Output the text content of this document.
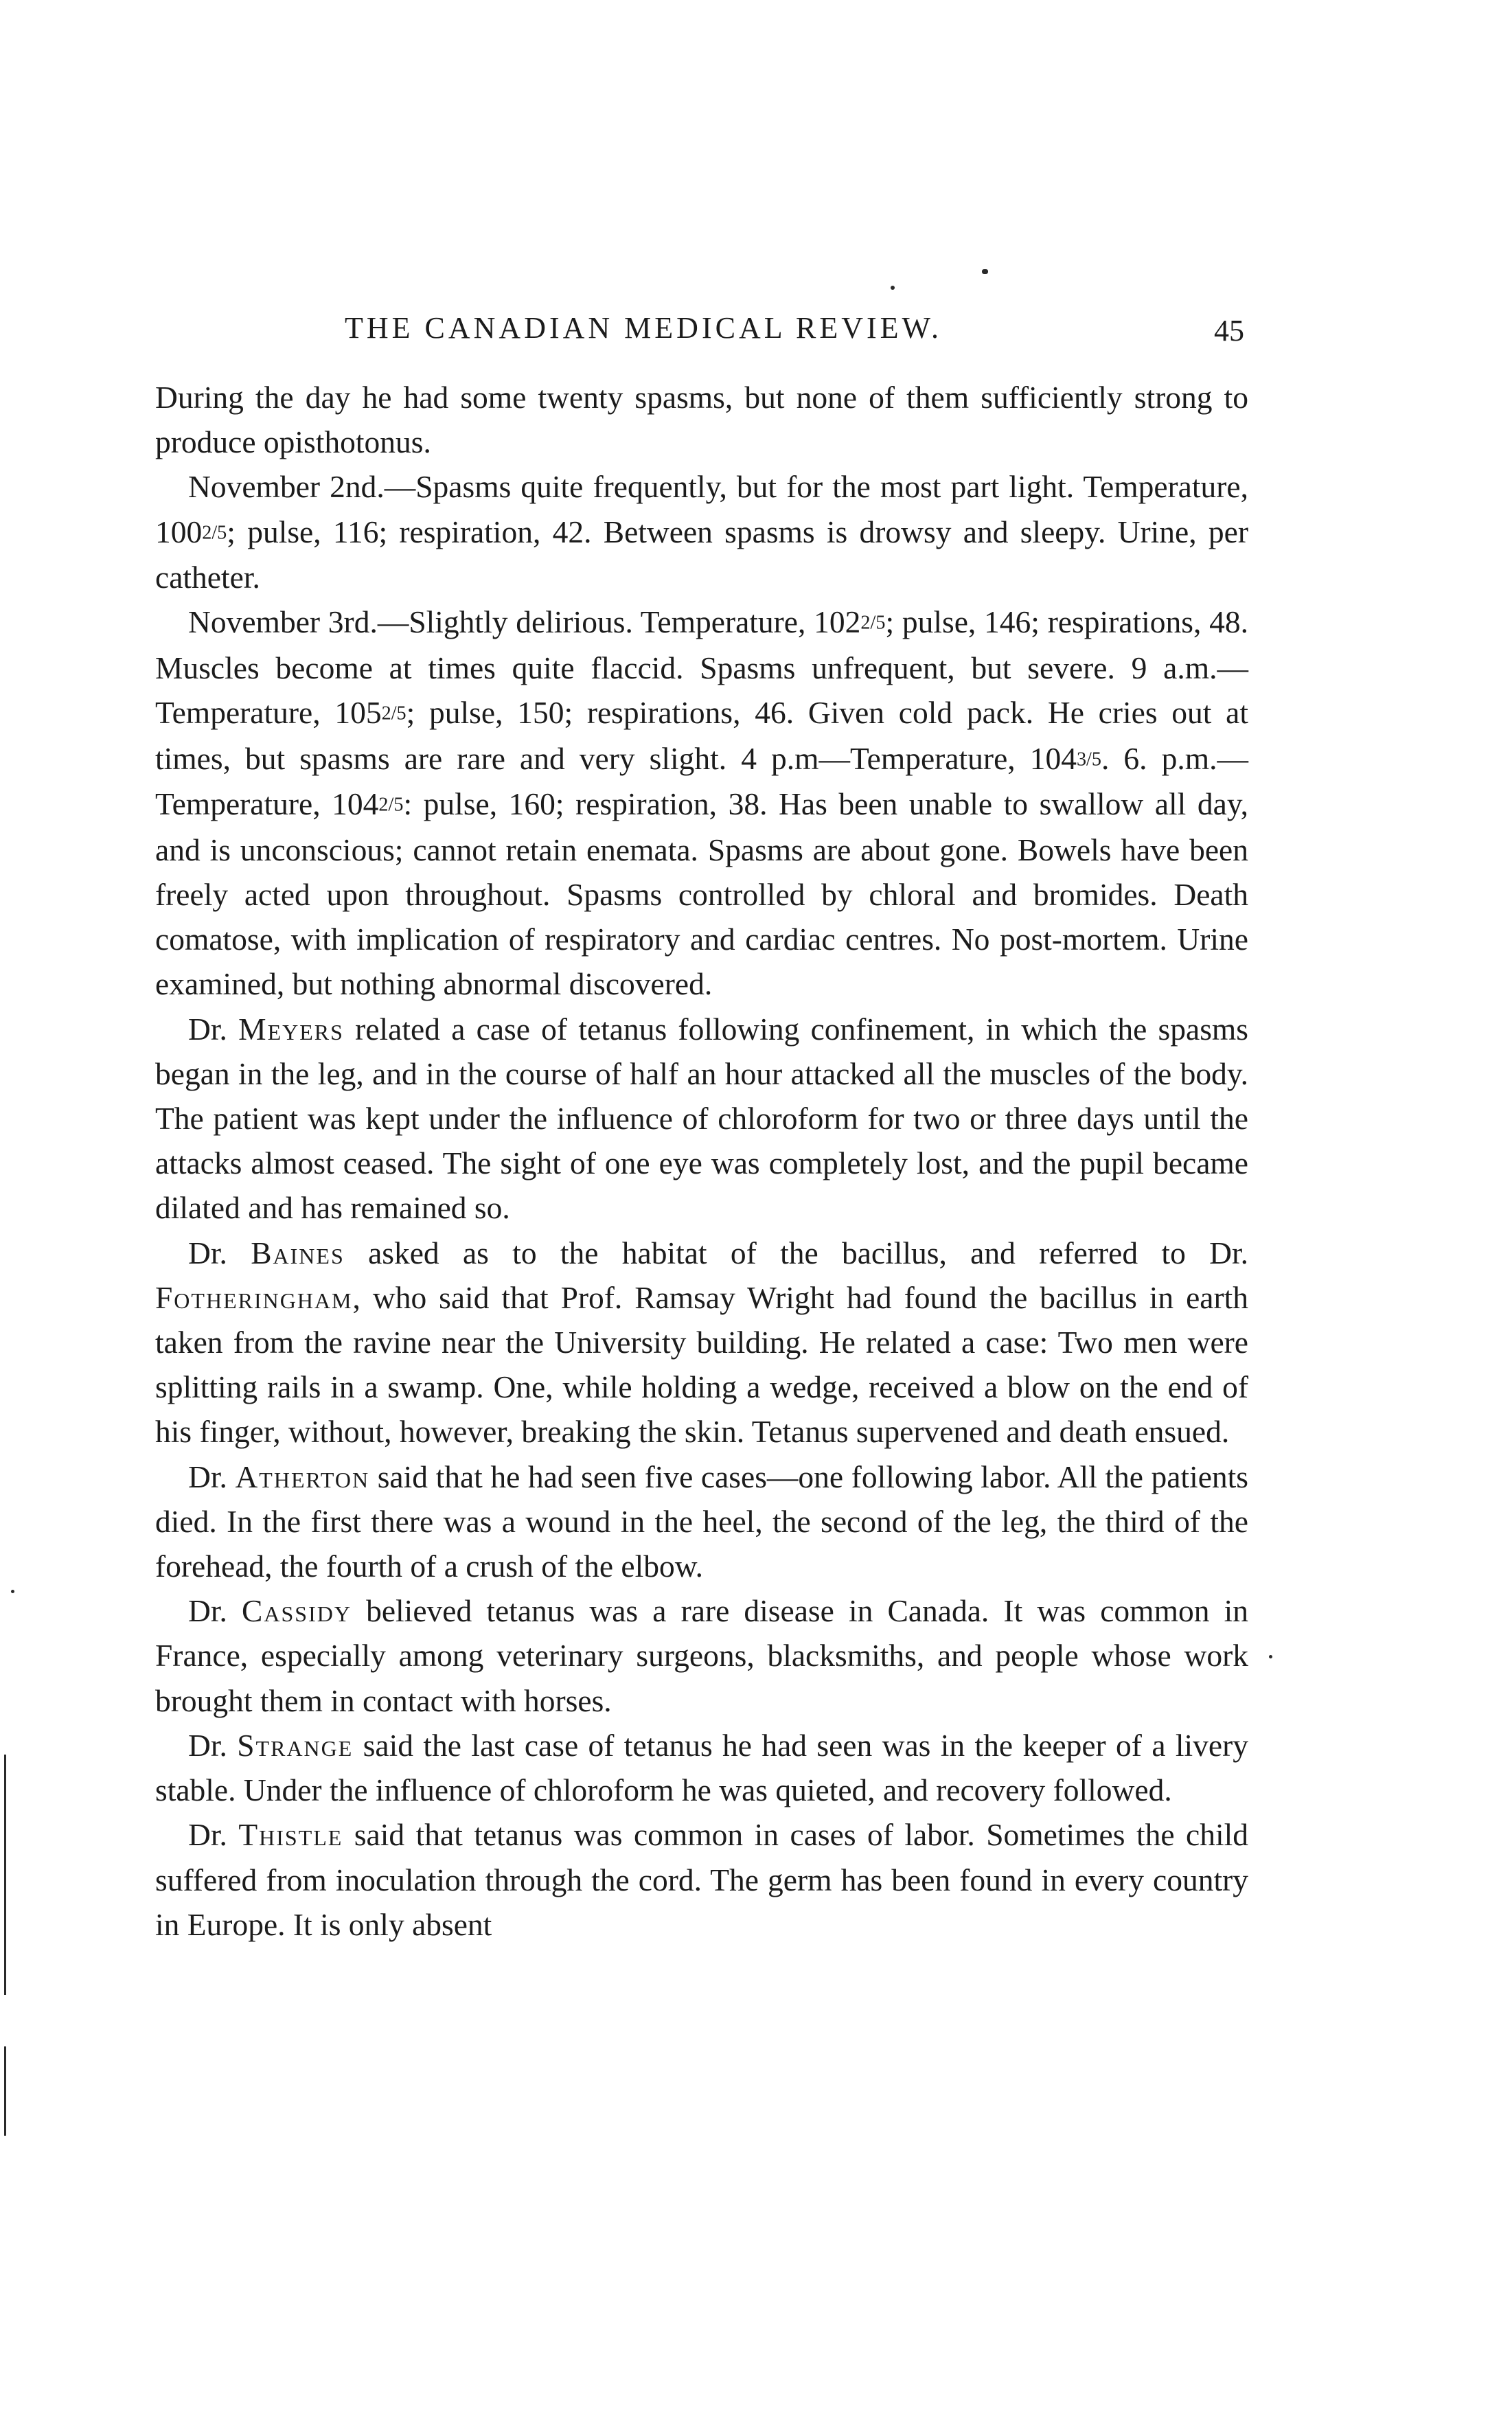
THE CANADIAN MEDICAL REVIEW.	45

During the day he had some twenty spasms, but none of them sufficiently strong to produce opisthotonus.

November 2nd.—Spasms quite frequently, but for the most part light. Temperature, 1002/5; pulse, 116; respiration, 42. Between spasms is drowsy and sleepy. Urine, per catheter.

November 3rd.—Slightly delirious. Temperature, 1022/5; pulse, 146; respirations, 48. Muscles become at times quite flaccid. Spasms unfrequent, but severe. 9 a.m.—Temperature, 1052/5; pulse, 150; respirations, 46. Given cold pack. He cries out at times, but spasms are rare and very slight. 4 p.m—Temperature, 1043/5. 6. p.m.—Temperature, 1042/5: pulse, 160; respiration, 38. Has been unable to swallow all day, and is unconscious; cannot retain enemata. Spasms are about gone. Bowels have been freely acted upon throughout. Spasms controlled by chloral and bromides. Death comatose, with implication of respiratory and cardiac centres. No post-mortem. Urine examined, but nothing abnormal discovered.

Dr. Meyers related a case of tetanus following confinement, in which the spasms began in the leg, and in the course of half an hour attacked all the muscles of the body. The patient was kept under the influence of chloroform for two or three days until the attacks almost ceased. The sight of one eye was completely lost, and the pupil became dilated and has remained so.

Dr. Baines asked as to the habitat of the bacillus, and referred to Dr. Fotheringham, who said that Prof. Ramsay Wright had found the bacillus in earth taken from the ravine near the University building. He related a case: Two men were splitting rails in a swamp. One, while holding a wedge, received a blow on the end of his finger, without, however, breaking the skin. Tetanus supervened and death ensued.

Dr. Atherton said that he had seen five cases—one following labor. All the patients died. In the first there was a wound in the heel, the second of the leg, the third of the forehead, the fourth of a crush of the elbow.

Dr. Cassidy believed tetanus was a rare disease in Canada. It was common in France, especially among veterinary surgeons, blacksmiths, and people whose work brought them in contact with horses.

Dr. Strange said the last case of tetanus he had seen was in the keeper of a livery stable. Under the influence of chloroform he was quieted, and recovery followed.

Dr. Thistle said that tetanus was common in cases of labor. Sometimes the child suffered from inoculation through the cord. The germ has been found in every country in Europe. It is only absent
